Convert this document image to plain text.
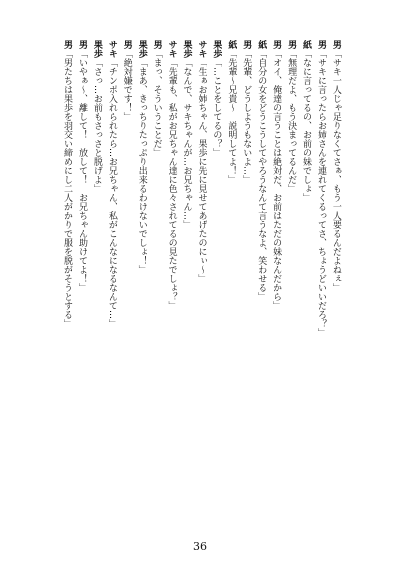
男「サキ一人じゃ足りなくてさぁ、もう一人要るんだよねぇ」
男「サキに言ったらお姉さんを連れてくるってさ、ちょうどいいだろ？」
紙「なに言ってるの、お前の妹でしょ」
男「無理だよ、もう決まってるんだ」
男「オイ、俺達の言うことは絶対だ、お前はただの妹なんだから」
紙「自分の女をどうこうしてやろうなんて言うなよ、笑わせる」
男「先輩、どうしようもないよ…」
紙「先輩〜兄貴〜　説明してよ！」
果歩「…ことをしてるの？」
サキ「生ぁお姉ちゃん、果歩に先に見せてあげたのにぃ〜」
果歩「なんで、サキちゃんが…お兄ちゃん…」
サキ「先輩も、私がお兄ちゃん達に色々されてるの見たでしょ？」
男「まっ、そういうことだ」
果歩「まあ、きっちりたっぷり出来るわけないでしょ！」
男「絶対嫌です！」
サキ「チンポ入れられたら…お兄ちゃん、私がこんなになるなんて…」
果歩「さっ…お前もさっさと脱げよ」
男「いやぁ〜、離して！　放して！　お兄ちゃん助けてよ！」
男「男たちは果歩を羽交い締めにし二人がかりで服を脱がそうとする」
36
